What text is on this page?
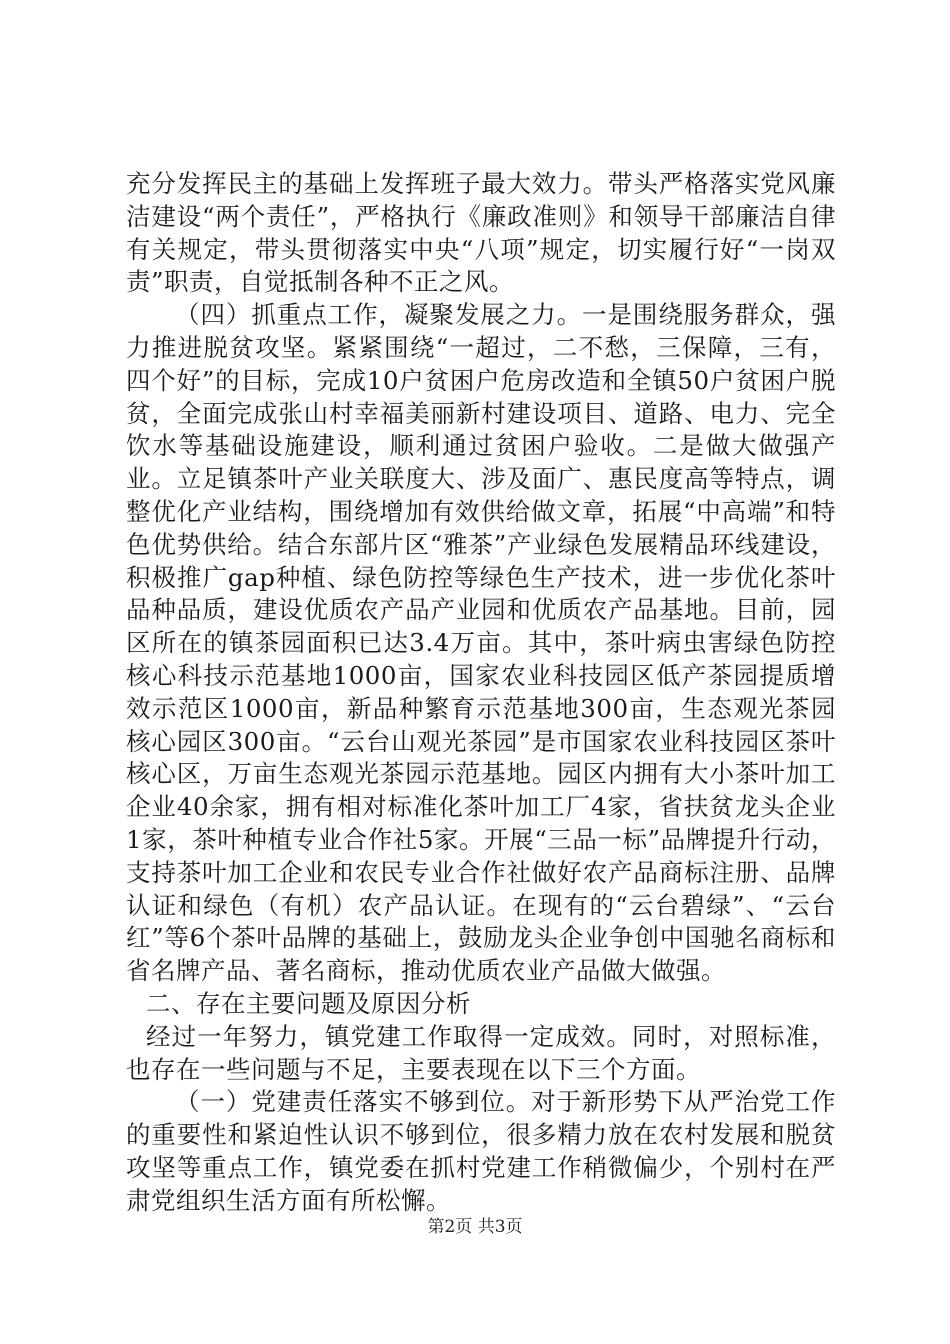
充分发挥民主的基础上发挥班子最大效力。带头严格落实党风廉洁建设“两个责任”，严格执行《廉政准则》和领导干部廉洁自律有关规定，带头贯彻落实中央“八项”规定，切实履行好“一岗双责”职责，自觉抵制各种不正之风。

（四）抓重点工作，凝聚发展之力。一是围绕服务群众，强力推进脱贫攻坚。紧紧围绕“一超过，二不愁，三保障，三有，四个好”的目标，完成10户贫困户危房改造和全镇50户贫困户脱贫，全面完成张山村幸福美丽新村建设项目、道路、电力、完全饮水等基础设施建设，顺利通过贫困户验收。二是做大做强产业。立足镇茶叶产业关联度大、涉及面广、惠民度高等特点，调整优化产业结构，围绕增加有效供给做文章，拓展“中高端”和特色优势供给。结合东部片区“雅茶”产业绿色发展精品环线建设，积极推广gap种植、绿色防控等绿色生产技术，进一步优化茶叶品种品质，建设优质农产品产业园和优质农产品基地。目前，园区所在的镇茶园面积已达3.4万亩。其中，茶叶病虫害绿色防控核心科技示范基地1000亩，国家农业科技园区低产茶园提质增效示范区1000亩，新品种繁育示范基地300亩，生态观光茶园核心园区300亩。“云台山观光茶园”是市国家农业科技园区茶叶核心区，万亩生态观光茶园示范基地。园区内拥有大小茶叶加工企业40余家，拥有相对标准化茶叶加工厂4家，省扶贫龙头企业1家，茶叶种植专业合作社5家。开展“三品一标”品牌提升行动，支持茶叶加工企业和农民专业合作社做好农产品商标注册、品牌认证和绿色（有机）农产品认证。在现有的“云台碧绿”、“云台红”等6个茶叶品牌的基础上，鼓励龙头企业争创中国驰名商标和省名牌产品、著名商标，推动优质农业产品做大做强。

二、存在主要问题及原因分析

经过一年努力，镇党建工作取得一定成效。同时，对照标准，也存在一些问题与不足，主要表现在以下三个方面。

（一）党建责任落实不够到位。对于新形势下从严治党工作的重要性和紧迫性认识不够到位，很多精力放在农村发展和脱贫攻坚等重点工作，镇党委在抓村党建工作稍微偏少，个别村在严肃党组织生活方面有所松懈。

第2页 共3页
